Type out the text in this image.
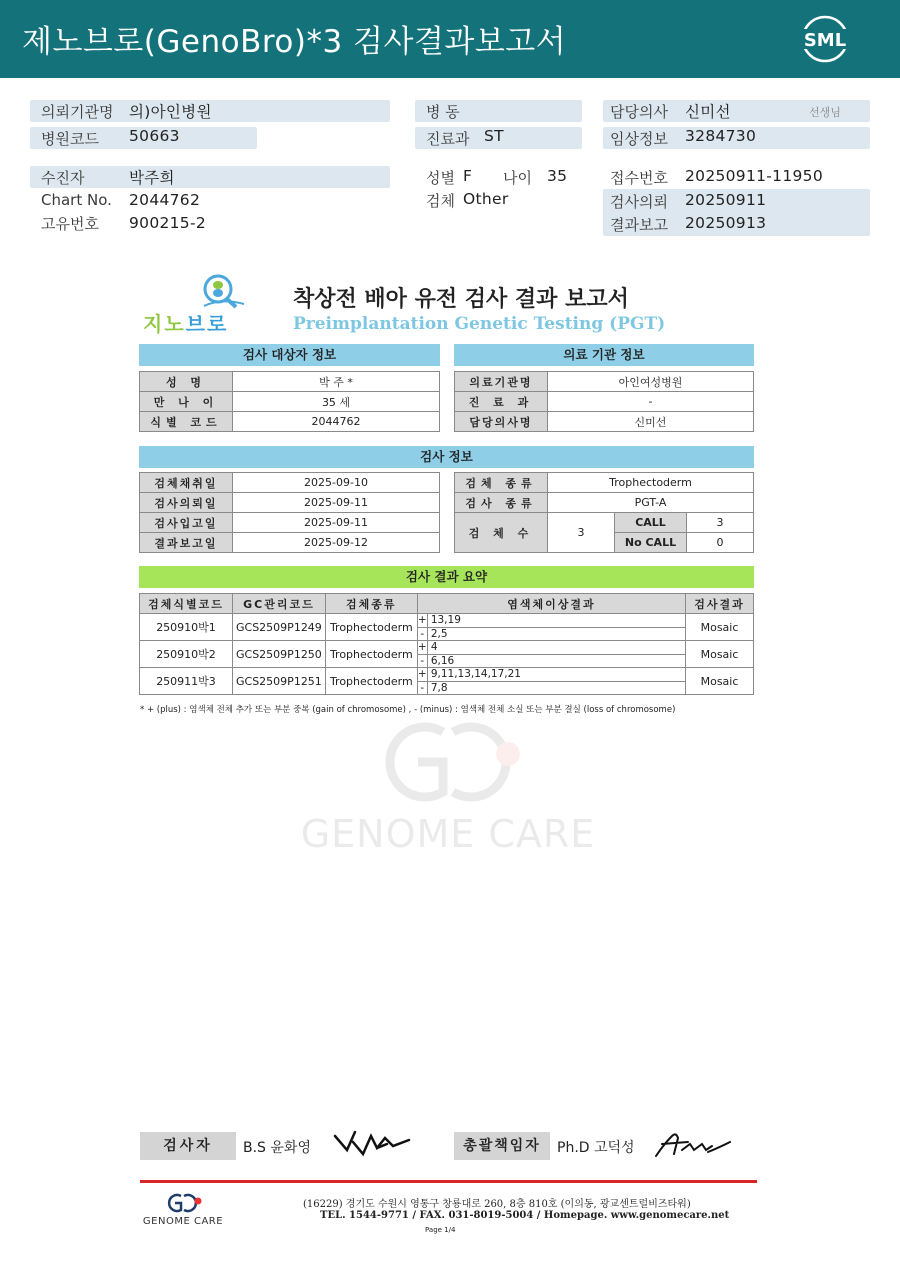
제노브로(GenoBro)*3 검사결과보고서	SML
의뢰기관명 의)아인병원
병원코드 50663
수진자	박주희
Chart No. 2044762
고유번호 900215-2
병 동
진료과 ST
성별 F 나이 35
검체 Other
담당의사 신미선	선생님
임상정보 3284730
접수번호 20250911-11950
검사의뢰 20250911
결과보고 20250913
지노브로
착상전 배아 유전 검사 결과 보고서
Preimplantation Genetic Testing (PGT)
검사 대상자 정보	의료 기관 정보
성 명	박 주 *
만 나 이	35 세
식별 코드	2044762
의료기관명	아인여성병원
진 료 과	-
담당의사명	신미선
검사 정보
검체채취일	2025-09-10
검사의뢰일	2025-09-11
검사입고일	2025-09-11
결과보고일	2025-09-12
검체 종류	Trophectoderm		
검사 종류	PGT-A		
검 체 수	3	CALL	3
		No CALL	0
검사 결과 요약
검체식별코드	GC관리코드	검체종류	염색체이상결과	검사결과
250910박1	GCS2509P1249	Trophectoderm	+ 13,19
- 2,5	Mosaic
250910박2	GCS2509P1250	Trophectoderm	+ 4
- 6,16	Mosaic
250911박3	GCS2509P1251	Trophectoderm	+ 9,11,13,14,17,21
- 7,8	Mosaic
* + (plus) : 염색체 전체 추가 또는 부분 중복 (gain of chromosome) , - (minus) : 염색체 전체 소실 또는 부분 결실 (loss of chromosome)
GENOME CARE
검사자	B.S 윤화영	총괄책임자	Ph.D 고덕성
GENOME CARE
(16229) 경기도 수원시 영통구 창룡대로 260, 8층 810호 (이의동, 광교센트럴비즈타워)
TEL. 1544-9771 / FAX. 031-8019-5004 / Homepage. www.genomecare.net
Page 1/4
